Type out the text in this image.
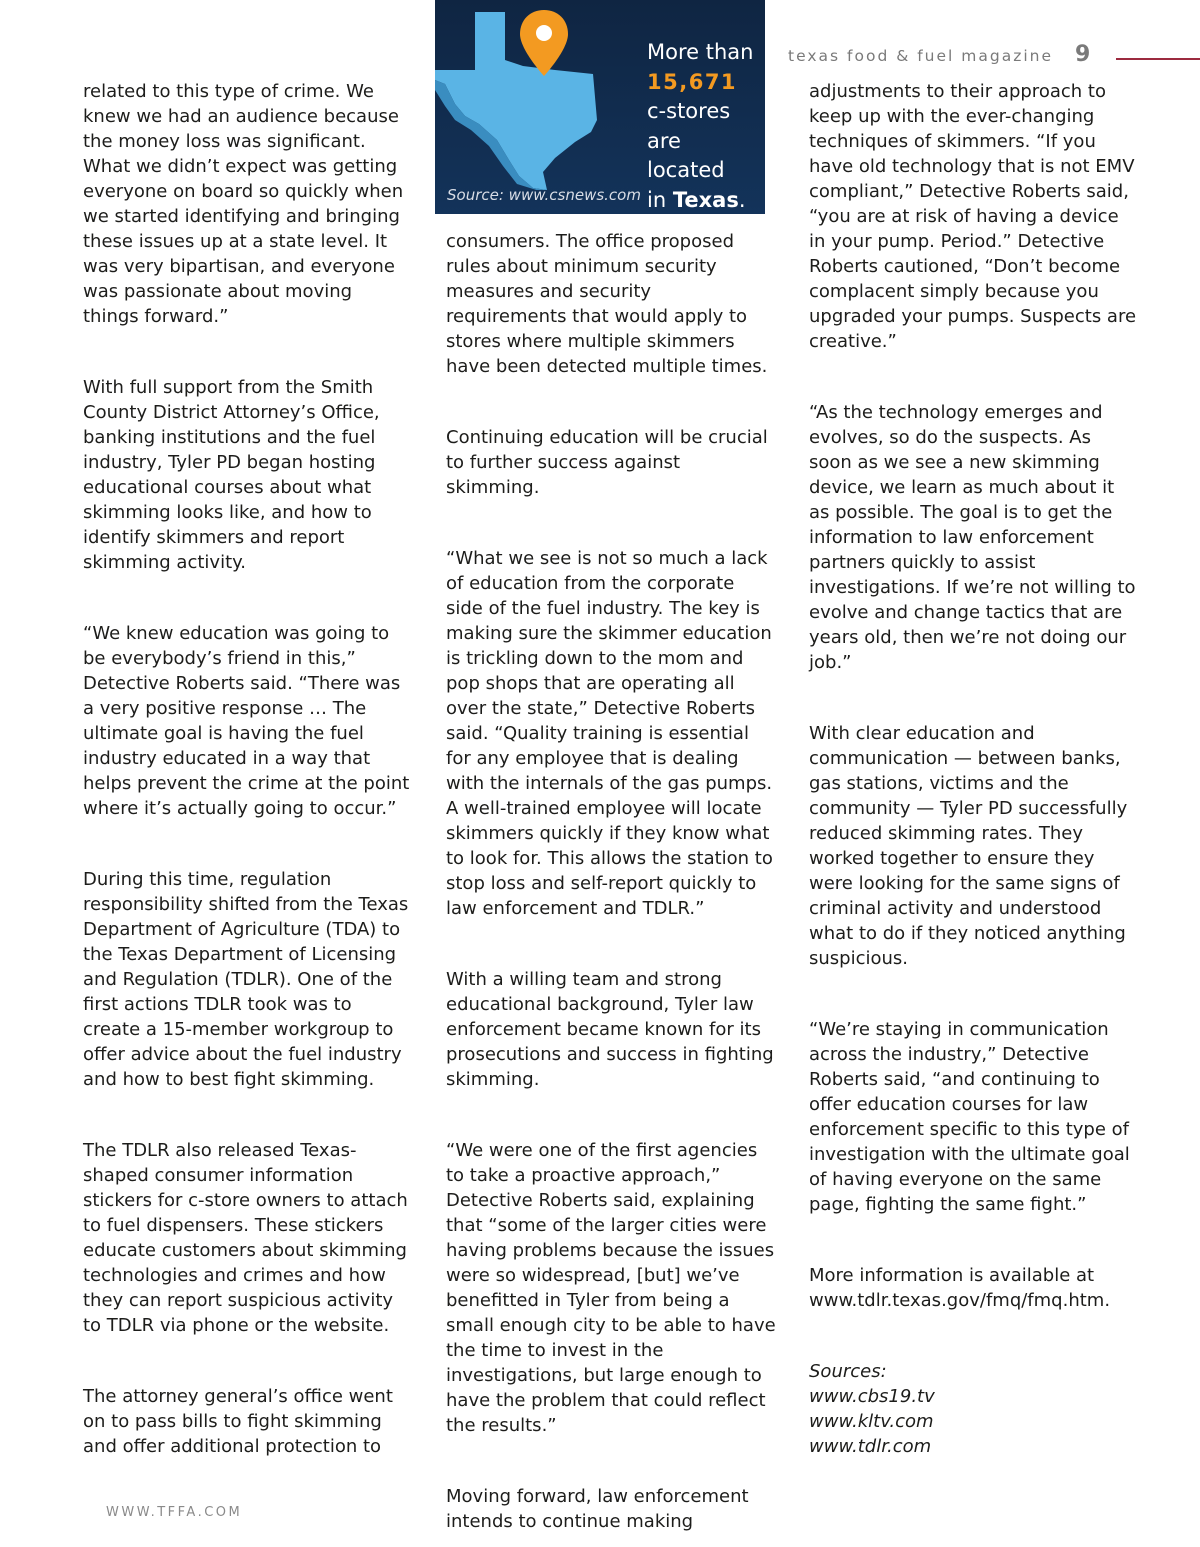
texas food & fuel magazine 9
More than
15,671
c-stores
are located
in Texas.
Source: www.csnews.com

related to this type of crime. We knew we had an audience because the money loss was significant. What we didn’t expect was getting everyone on board so quickly when we started identifying and bringing these issues up at a state level. It was very bipartisan, and everyone was passionate about moving things forward.”

With full support from the Smith County District Attorney’s Office, banking institutions and the fuel industry, Tyler PD began hosting educational courses about what skimming looks like, and how to identify skimmers and report skimming activity.

“We knew education was going to be everybody’s friend in this,” Detective Roberts said. “There was a very positive response … The ultimate goal is having the fuel industry educated in a way that helps prevent the crime at the point where it’s actually going to occur.”

During this time, regulation responsibility shifted from the Texas Department of Agriculture (TDA) to the Texas Department of Licensing and Regulation (TDLR). One of the first actions TDLR took was to create a 15-member workgroup to offer advice about the fuel industry and how to best fight skimming.

The TDLR also released Texas-shaped consumer information stickers for c-store owners to attach to fuel dispensers. These stickers educate customers about skimming technologies and crimes and how they can report suspicious activity to TDLR via phone or the website.

The attorney general’s office went on to pass bills to fight skimming and offer additional protection to

consumers. The office proposed rules about minimum security measures and security requirements that would apply to stores where multiple skimmers have been detected multiple times.

Continuing education will be crucial to further success against skimming.

“What we see is not so much a lack of education from the corporate side of the fuel industry. The key is making sure the skimmer education is trickling down to the mom and pop shops that are operating all over the state,” Detective Roberts said. “Quality training is essential for any employee that is dealing with the internals of the gas pumps. A well-trained employee will locate skimmers quickly if they know what to look for. This allows the station to stop loss and self-report quickly to law enforcement and TDLR.”

With a willing team and strong educational background, Tyler law enforcement became known for its prosecutions and success in fighting skimming.

“We were one of the first agencies to take a proactive approach,” Detective Roberts said, explaining that “some of the larger cities were having problems because the issues were so widespread, [but] we’ve benefitted in Tyler from being a small enough city to be able to have the time to invest in the investigations, but large enough to have the problem that could reflect the results.”

Moving forward, law enforcement intends to continue making

adjustments to their approach to keep up with the ever-changing techniques of skimmers. “If you have old technology that is not EMV compliant,” Detective Roberts said, “you are at risk of having a device in your pump. Period.” Detective Roberts cautioned, “Don’t become complacent simply because you upgraded your pumps. Suspects are creative.”

“As the technology emerges and evolves, so do the suspects. As soon as we see a new skimming device, we learn as much about it as possible. The goal is to get the information to law enforcement partners quickly to assist investigations. If we’re not willing to evolve and change tactics that are years old, then we’re not doing our job.”

With clear education and communication — between banks, gas stations, victims and the community — Tyler PD successfully reduced skimming rates. They worked together to ensure they were looking for the same signs of criminal activity and understood what to do if they noticed anything suspicious.

“We’re staying in communication across the industry,” Detective Roberts said, “and continuing to offer education courses for law enforcement specific to this type of investigation with the ultimate goal of having everyone on the same page, fighting the same fight.”

More information is available at www.tdlr.texas.gov/fmq/fmq.htm.

Sources:
www.cbs19.tv
www.kltv.com
www.tdlr.com

WWW.TFFA.COM
